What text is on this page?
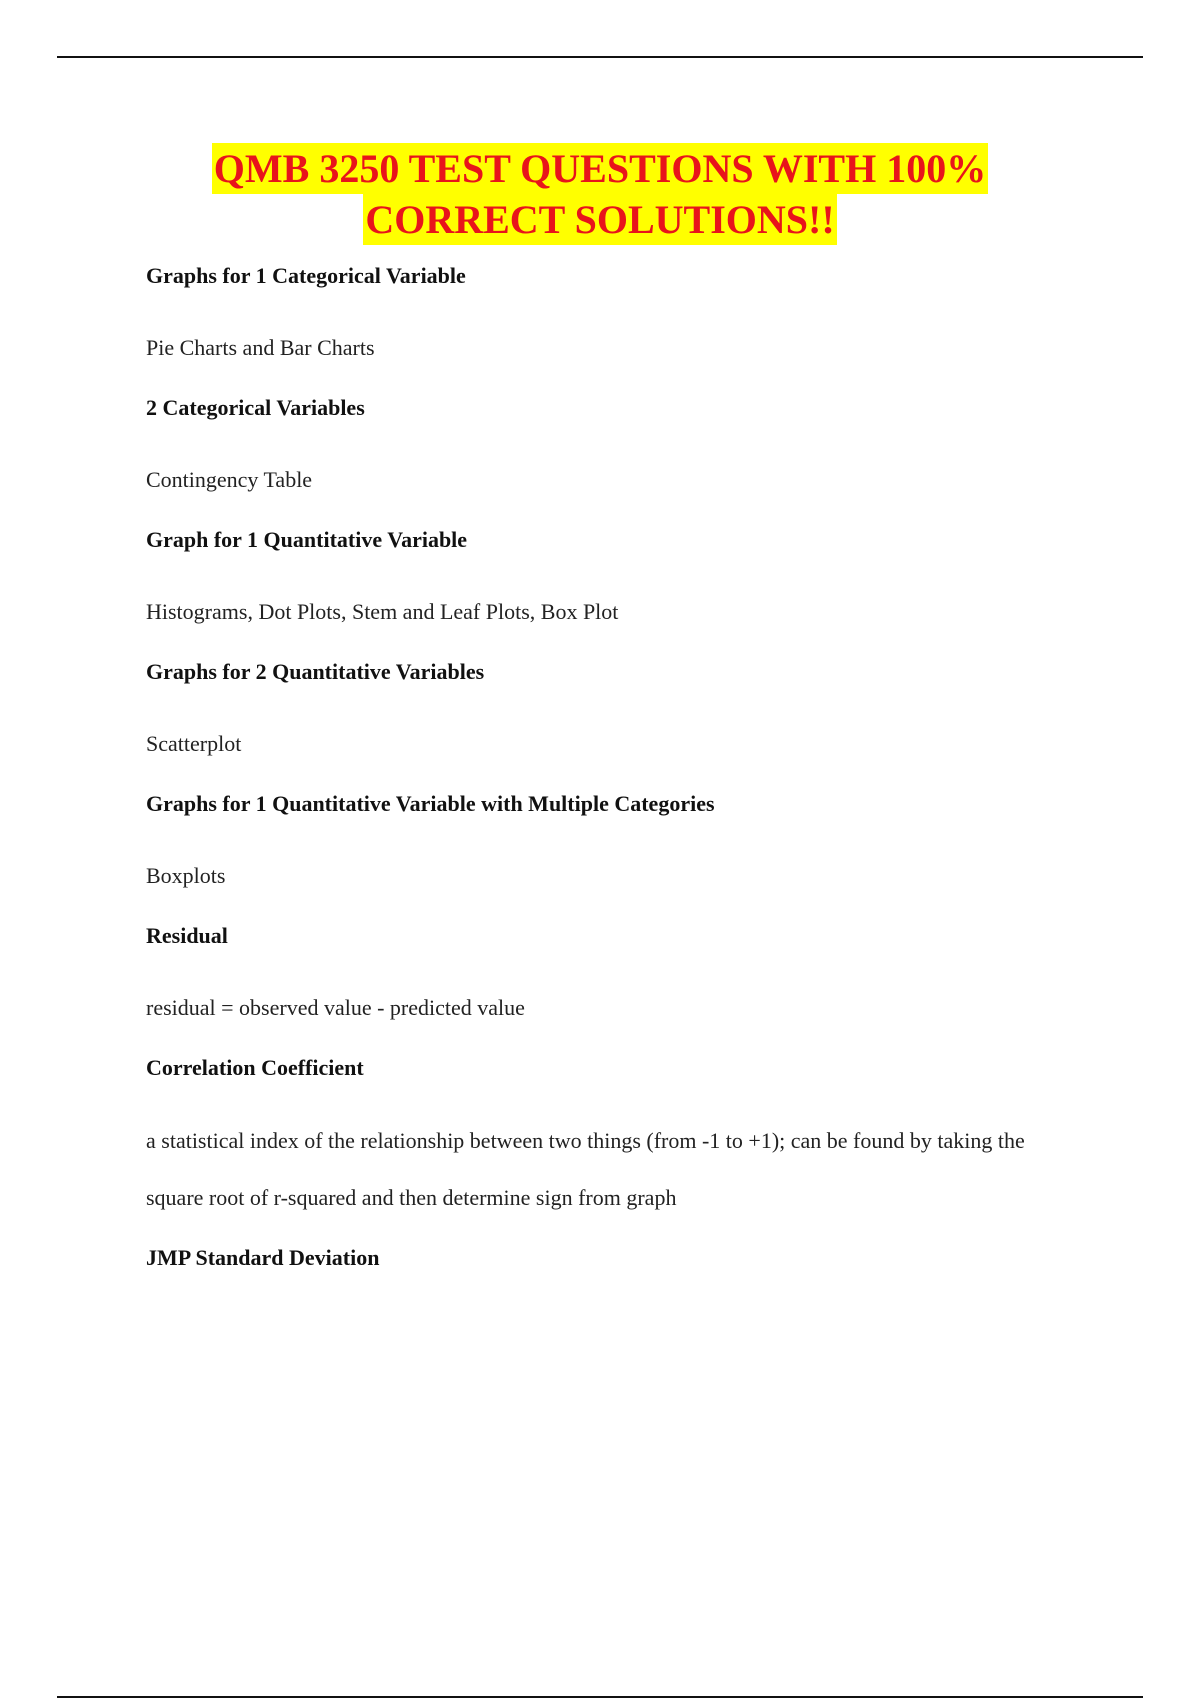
QMB 3250 TEST QUESTIONS WITH 100%
CORRECT SOLUTIONS!!
Graphs for 1 Categorical Variable
Pie Charts and Bar Charts
2 Categorical Variables
Contingency Table
Graph for 1 Quantitative Variable
Histograms, Dot Plots, Stem and Leaf Plots, Box Plot
Graphs for 2 Quantitative Variables
Scatterplot
Graphs for 1 Quantitative Variable with Multiple Categories
Boxplots
Residual
residual = observed value - predicted value
Correlation Coefficient
a statistical index of the relationship between two things (from -1 to +1); can be found by taking the square root of r-squared and then determine sign from graph
JMP Standard Deviation
